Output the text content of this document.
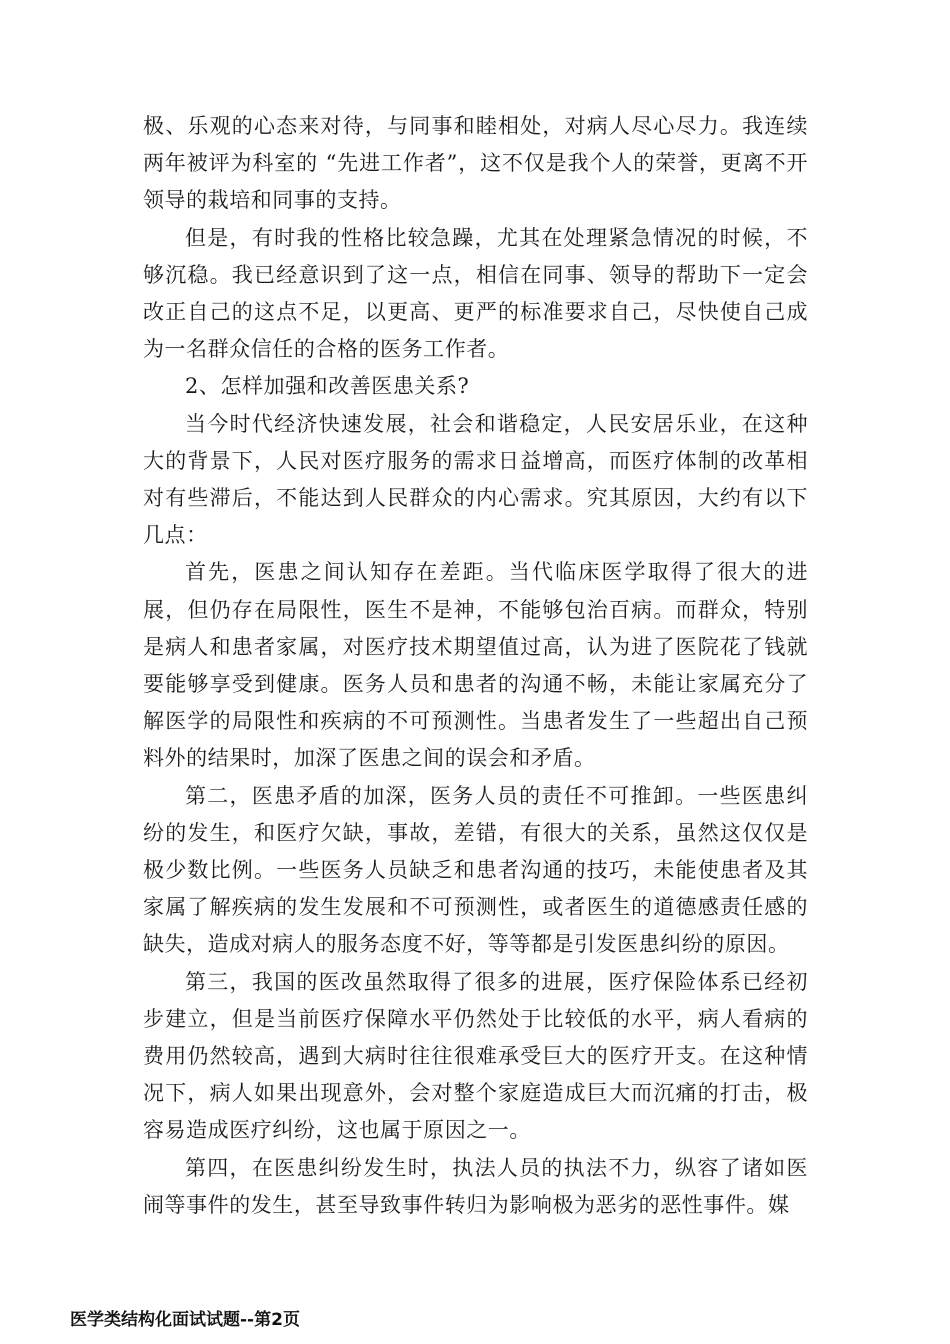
极、乐观的心态来对待，与同事和睦相处，对病人尽心尽力。我连续两年被评为科室的 “先进工作者”，这不仅是我个人的荣誉，更离不开领导的栽培和同事的支持。

但是，有时我的性格比较急躁，尤其在处理紧急情况的时候，不够沉稳。我已经意识到了这一点，相信在同事、领导的帮助下一定会改正自己的这点不足，以更高、更严的标准要求自己，尽快使自己成为一名群众信任的合格的医务工作者。

2、怎样加强和改善医患关系?

当今时代经济快速发展，社会和谐稳定，人民安居乐业，在这种大的背景下，人民对医疗服务的需求日益增高，而医疗体制的改革相对有些滞后，不能达到人民群众的内心需求。究其原因，大约有以下几点：

首先，医患之间认知存在差距。当代临床医学取得了很大的进展，但仍存在局限性，医生不是神，不能够包治百病。而群众，特别是病人和患者家属，对医疗技术期望值过高，认为进了医院花了钱就要能够享受到健康。医务人员和患者的沟通不畅，未能让家属充分了解医学的局限性和疾病的不可预测性。当患者发生了一些超出自己预料外的结果时，加深了医患之间的误会和矛盾。

第二，医患矛盾的加深，医务人员的责任不可推卸。一些医患纠纷的发生，和医疗欠缺，事故，差错，有很大的关系，虽然这仅仅是极少数比例。一些医务人员缺乏和患者沟通的技巧，未能使患者及其家属了解疾病的发生发展和不可预测性，或者医生的道德感责任感的缺失，造成对病人的服务态度不好，等等都是引发医患纠纷的原因。

第三，我国的医改虽然取得了很多的进展，医疗保险体系已经初步建立，但是当前医疗保障水平仍然处于比较低的水平，病人看病的费用仍然较高，遇到大病时往往很难承受巨大的医疗开支。在这种情况下，病人如果出现意外，会对整个家庭造成巨大而沉痛的打击，极容易造成医疗纠纷，这也属于原因之一。

第四，在医患纠纷发生时，执法人员的执法不力，纵容了诸如医闹等事件的发生，甚至导致事件转归为影响极为恶劣的恶性事件。媒

医学类结构化面试试题--第2页
